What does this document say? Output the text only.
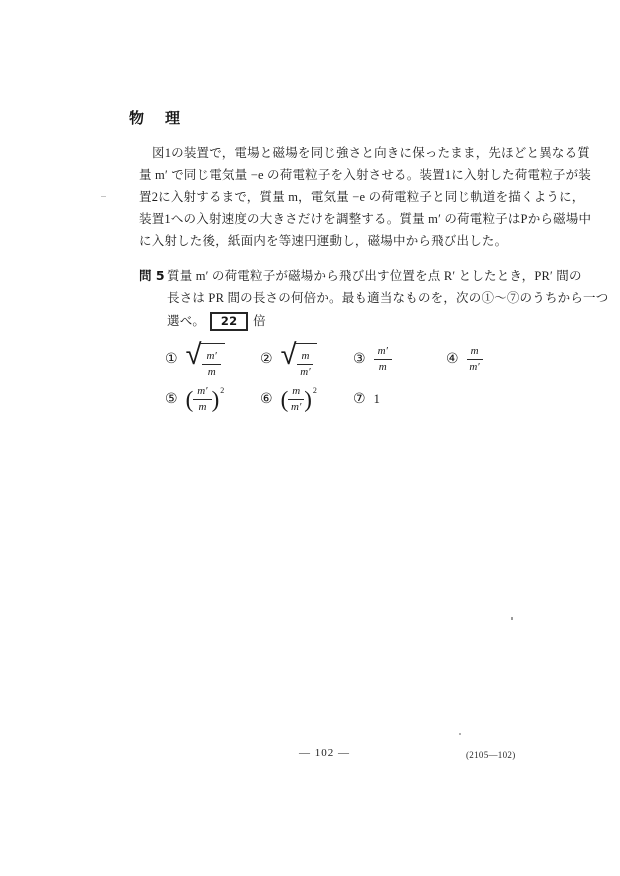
物　理
図1の装置で，電場と磁場を同じ強さと向きに保ったまま，先ほどと異なる質
量 m′ で同じ電気量 −e の荷電粒子を入射させる。装置1に入射した荷電粒子が装
置2に入射するまで，質量 m，電気量 −e の荷電粒子と同じ軌道を描くように，
装置1への入射速度の大きさだけを調整する。質量 m′ の荷電粒子はPから磁場中
に入射した後，紙面内を等速円運動し，磁場中から飛び出した。
問 5 質量 m′ の荷電粒子が磁場から飛び出す位置を点 R′ としたとき，PR′ 間の
長さは PR 間の長さの何倍か。最も適当なものを，次の①～⑦のうちから一つ
選べ。 22 倍
① √ $\frac{m'}{m}$	② √ $\frac{m}{m'}$	③ $\frac{m'}{m}$	④ $\frac{m}{m'}$
⑤ ( $\frac{m'}{m}$ ) 2
⑥ ( $\frac{m}{m'}$ ) 2
⑦ 1
— 102 —	(2105—102)
